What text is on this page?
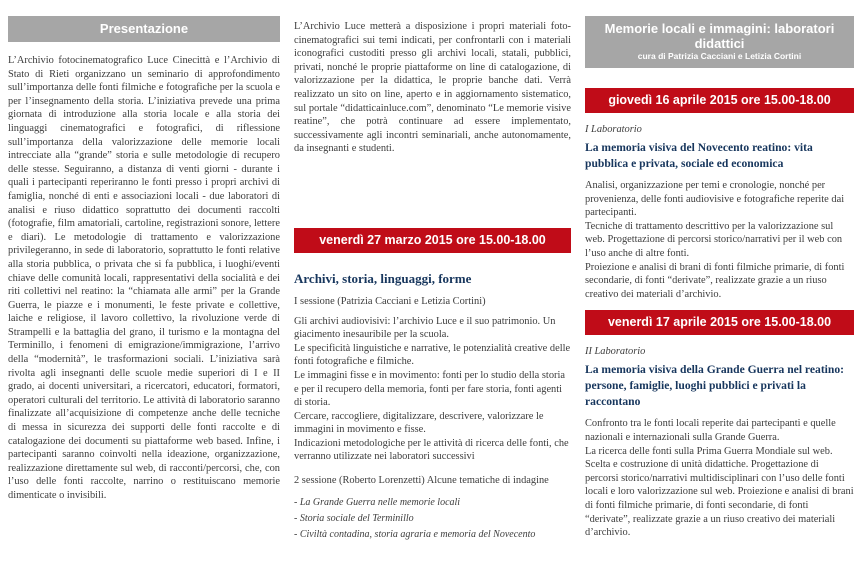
Presentazione

L’Archivio fotocinematografico Luce Cinecittà e l’Archivio di Stato di Rieti organizzano un seminario di approfondimento sull’importanza delle fonti filmiche e fotografiche per la scuola e per l’insegnamento della storia. L’iniziativa prevede una prima giornata di introduzione alla storia locale e alla storia dei linguaggi cinematografici e fotografici, di riflessione sull’importanza della valorizzazione delle memorie locali intrecciate alla “grande” storia e sulle metodologie di recupero delle stesse. Seguiranno, a distanza di venti giorni - durante i quali i partecipanti reperiranno le fonti presso i propri archivi di famiglia, nonché di enti e associazioni locali - due laboratori di analisi e riuso didattico soprattutto dei documenti raccolti (fotografie, film amatoriali, cartoline, registrazioni sonore, lettere e diari). Le metodologie di trattamento e valorizzazione privilegeranno, in sede di laboratorio, soprattutto le fonti relative alla storia pubblica, o privata che si fa pubblica, i luoghi/eventi chiave delle comunità locali, rappresentativi della socialità e dei riti collettivi nel reatino: la “chiamata alle armi” per la Grande Guerra, le piazze e i monumenti, le feste private e collettive, laiche e religiose, il lavoro collettivo, la rivoluzione verde di Strampelli e la battaglia del grano, il turismo e la montagna del Terminillo, i fenomeni di emigrazione/immigrazione, l’arrivo della “modernità”, le trasformazioni sociali. L’iniziativa sarà rivolta agli insegnanti delle scuole medie superiori di I e II grado, ai docenti universitari, a ricercatori, educatori, formatori, operatori culturali del territorio. Le attività di laboratorio saranno finalizzate all’acquisizione di competenze anche delle tecniche di messa in sicurezza dei supporti delle fonti raccolte e di catalogazione dei documenti su piattaforme web based. Infine, i partecipanti saranno coinvolti nella ideazione, organizzazione, realizzazione direttamente sul web, di racconti/percorsi, che, con l’uso delle fonti raccolte, narrino o restituiscano memorie dimenticate o invisibili.

L’Archivio Luce metterà a disposizione i propri materiali foto-cinematografici sui temi indicati, per confrontarli con i materiali iconografici custoditi presso gli archivi locali, statali, pubblici, privati, nonché le proprie piattaforme on line di catalogazione, di valorizzazione per la didattica, le proprie banche dati. Verrà realizzato un sito on line, aperto e in aggiornamento sistematico, sul portale “didatticainluce.com”, denominato “Le memorie visive reatine”, che potrà continuare ad essere implementato, successivamente agli incontri seminariali, anche autonomamente, da insegnanti e studenti.

venerdì 27 marzo 2015 ore 15.00-18.00
Archivi, storia, linguaggi, forme

I sessione (Patrizia Cacciani e Letizia Cortini)

Gli archivi audiovisivi: l’archivio Luce e il suo patrimonio. Un giacimento inesauribile per la scuola.

Le specificità linguistiche e narrative, le potenzialità creative delle fonti fotografiche e filmiche.

Le immagini fisse e in movimento: fonti per lo studio della storia e per il recupero della memoria, fonti per fare storia, fonti agenti di storia.

Cercare, raccogliere, digitalizzare, descrivere, valorizzare le immagini in movimento e fisse.

Indicazioni metodologiche per le attività di ricerca delle fonti, che verranno utilizzate nei laboratori successivi

2 sessione (Roberto Lorenzetti) Alcune tematiche di indagine

- La Grande Guerra nelle memorie locali

- Storia sociale del Terminillo

- Civiltà contadina, storia agraria e memoria del Novecento

Memorie locali e immagini: laboratori didattici
cura di Patrizia Cacciani e Letizia Cortini
giovedì 16 aprile 2015 ore 15.00-18.00

I Laboratorio

La memoria visiva del Novecento reatino: vita pubblica e privata, sociale ed economica

Analisi, organizzazione per temi e cronologie, nonché per provenienza, delle fonti audiovisive e fotografiche reperite dai partecipanti.

Tecniche di trattamento descrittivo per la valorizzazione sul web. Progettazione di percorsi storico/narrativi per il web con l’uso anche di altre fonti.

Proiezione e analisi di brani di fonti filmiche primarie, di fonti secondarie, di fonti “derivate”, realizzate grazie a un riuso creativo dei materiali d’archivio.

venerdì 17 aprile 2015 ore 15.00-18.00

II Laboratorio

La memoria visiva della Grande Guerra nel reatino: persone, famiglie, luoghi pubblici e privati la raccontano

Confronto tra le fonti locali reperite dai partecipanti e quelle nazionali e internazionali sulla Grande Guerra.

La ricerca delle fonti sulla Prima Guerra Mondiale sul web.

Scelta e costruzione di unità didattiche. Progettazione di percorsi storico/narrativi multidisciplinari con l’uso delle fonti locali e loro valorizzazione sul web. Proiezione e analisi di brani di fonti filmiche primarie, di fonti secondarie, di fonti “derivate”, realizzate grazie a un riuso creativo dei materiali d’archivio.
